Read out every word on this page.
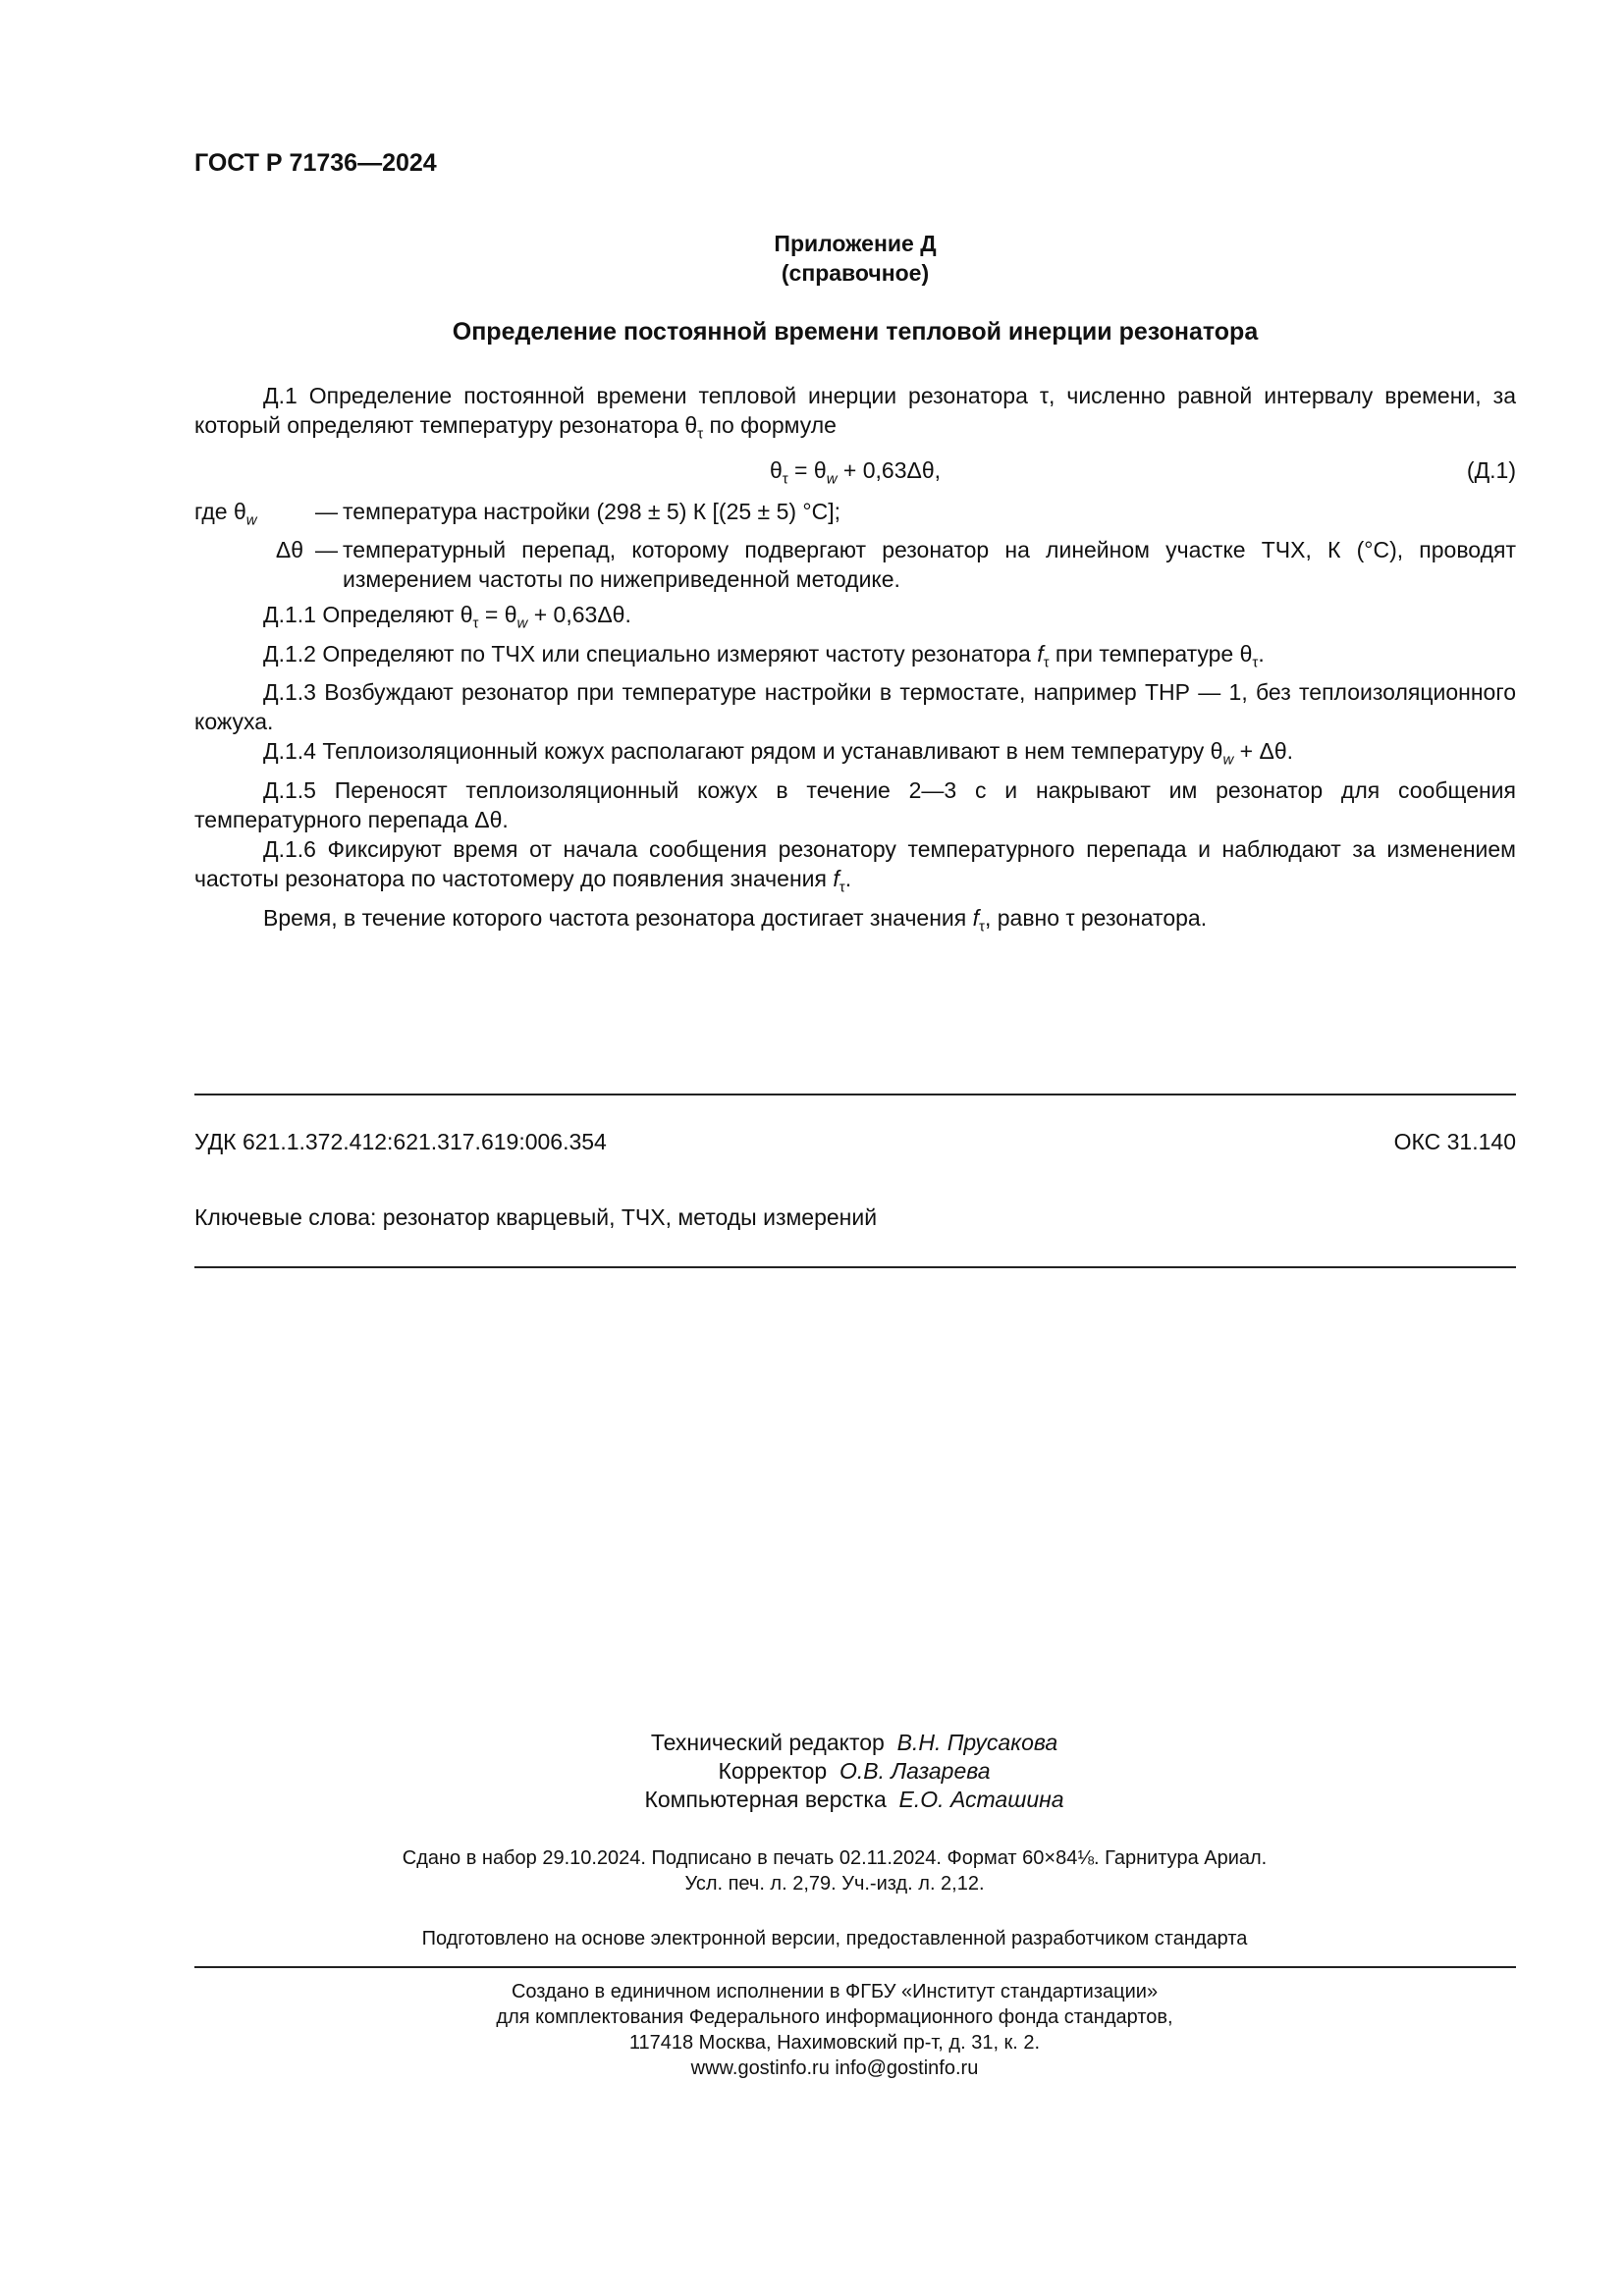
ГОСТ Р 71736—2024
Приложение Д
(справочное)
Определение постоянной времени тепловой инерции резонатора
Д.1 Определение постоянной времени тепловой инерции резонатора τ, численно равной интервалу времени, за который определяют температуру резонатора $\theta_\tau$ по формуле
$\theta_\tau = \theta_w + 0,63\Delta\theta$,	(Д.1)
где $\theta_w$	— температура настройки (298 ± 5) К [(25 ± 5) °С];
Δθ — температурный перепад, которому подвергают резонатор на линейном участке ТЧХ, К (°С), проводят измерением частоты по нижеприведенной методике.
Д.1.1 Определяют $\theta_\tau = \theta_w + 0,63\Delta\theta$.
Д.1.2 Определяют по ТЧХ или специально измеряют частоту резонатора $f_\tau$ при температуре $\theta_\tau$.
Д.1.3 Возбуждают резонатор при температуре настройки в термостате, например ТНР — 1, без теплоизоляционного кожуха.
Д.1.4 Теплоизоляционный кожух располагают рядом и устанавливают в нем температуру $\theta_w + \Delta\theta$.
Д.1.5 Переносят теплоизоляционный кожух в течение 2—3 с и накрывают им резонатор для сообщения температурного перепада Δθ.
Д.1.6 Фиксируют время от начала сообщения резонатору температурного перепада и наблюдают за изменением частоты резонатора по частотомеру до появления значения $f_\tau$.
Время, в течение которого частота резонатора достигает значения $f_\tau$, равно τ резонатора.
УДК 621.1.372.412:621.317.619:006.354	ОКС 31.140
Ключевые слова: резонатор кварцевый, ТЧХ, методы измерений
Технический редактор В.Н. Прусакова
Корректор О.В. Лазарева
Компьютерная верстка Е.О. Асташина
Сдано в набор 29.10.2024. Подписано в печать 02.11.2024. Формат 60×84⅛. Гарнитура Ариал.
Усл. печ. л. 2,79. Уч.-изд. л. 2,12.
Подготовлено на основе электронной версии, предоставленной разработчиком стандарта
Создано в единичном исполнении в ФГБУ «Институт стандартизации»
для комплектования Федерального информационного фонда стандартов,
117418 Москва, Нахимовский пр-т, д. 31, к. 2.
www.gostinfo.ru info@gostinfo.ru
